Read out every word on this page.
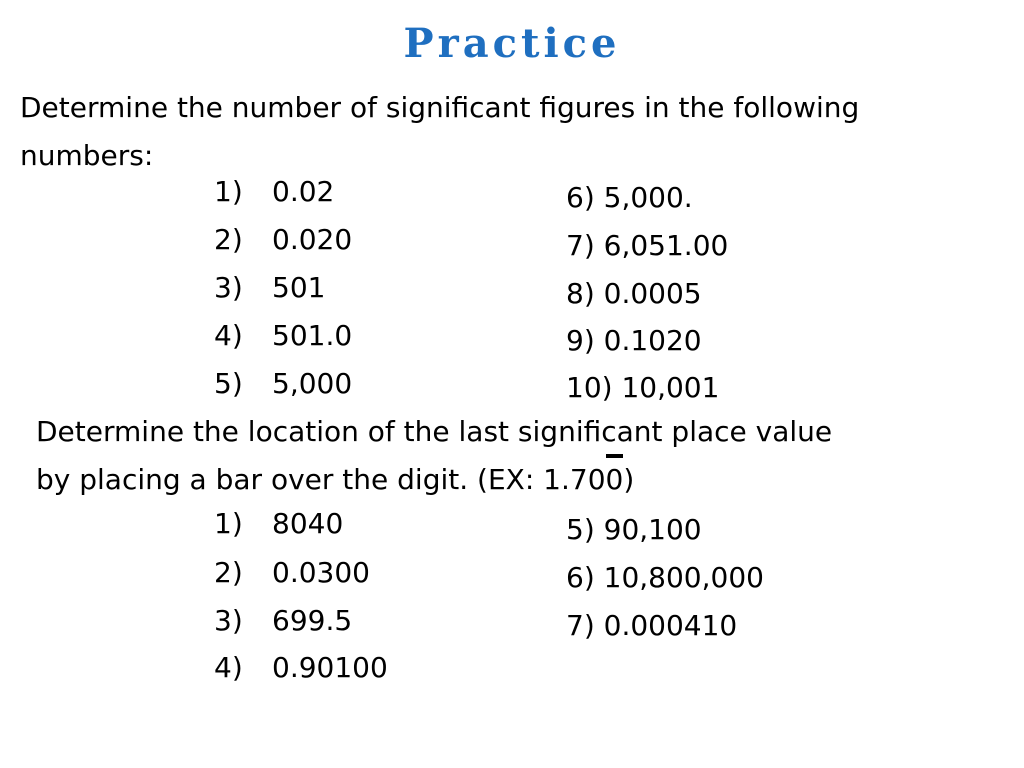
Practice
Determine the number of significant figures in the following
numbers:
1) 0.02
2) 0.020
3) 501
4) 501.0
5) 5,000
6) 5,000.
7) 6,051.00
8) 0.0005
9) 0.1020
10) 10,001
Determine the location of the last significant place value
by placing a bar over the digit. (EX: 1.700)
1) 8040
2) 0.0300
3) 699.5
4) 0.90100
5) 90,100
6) 10,800,000
7) 0.000410
